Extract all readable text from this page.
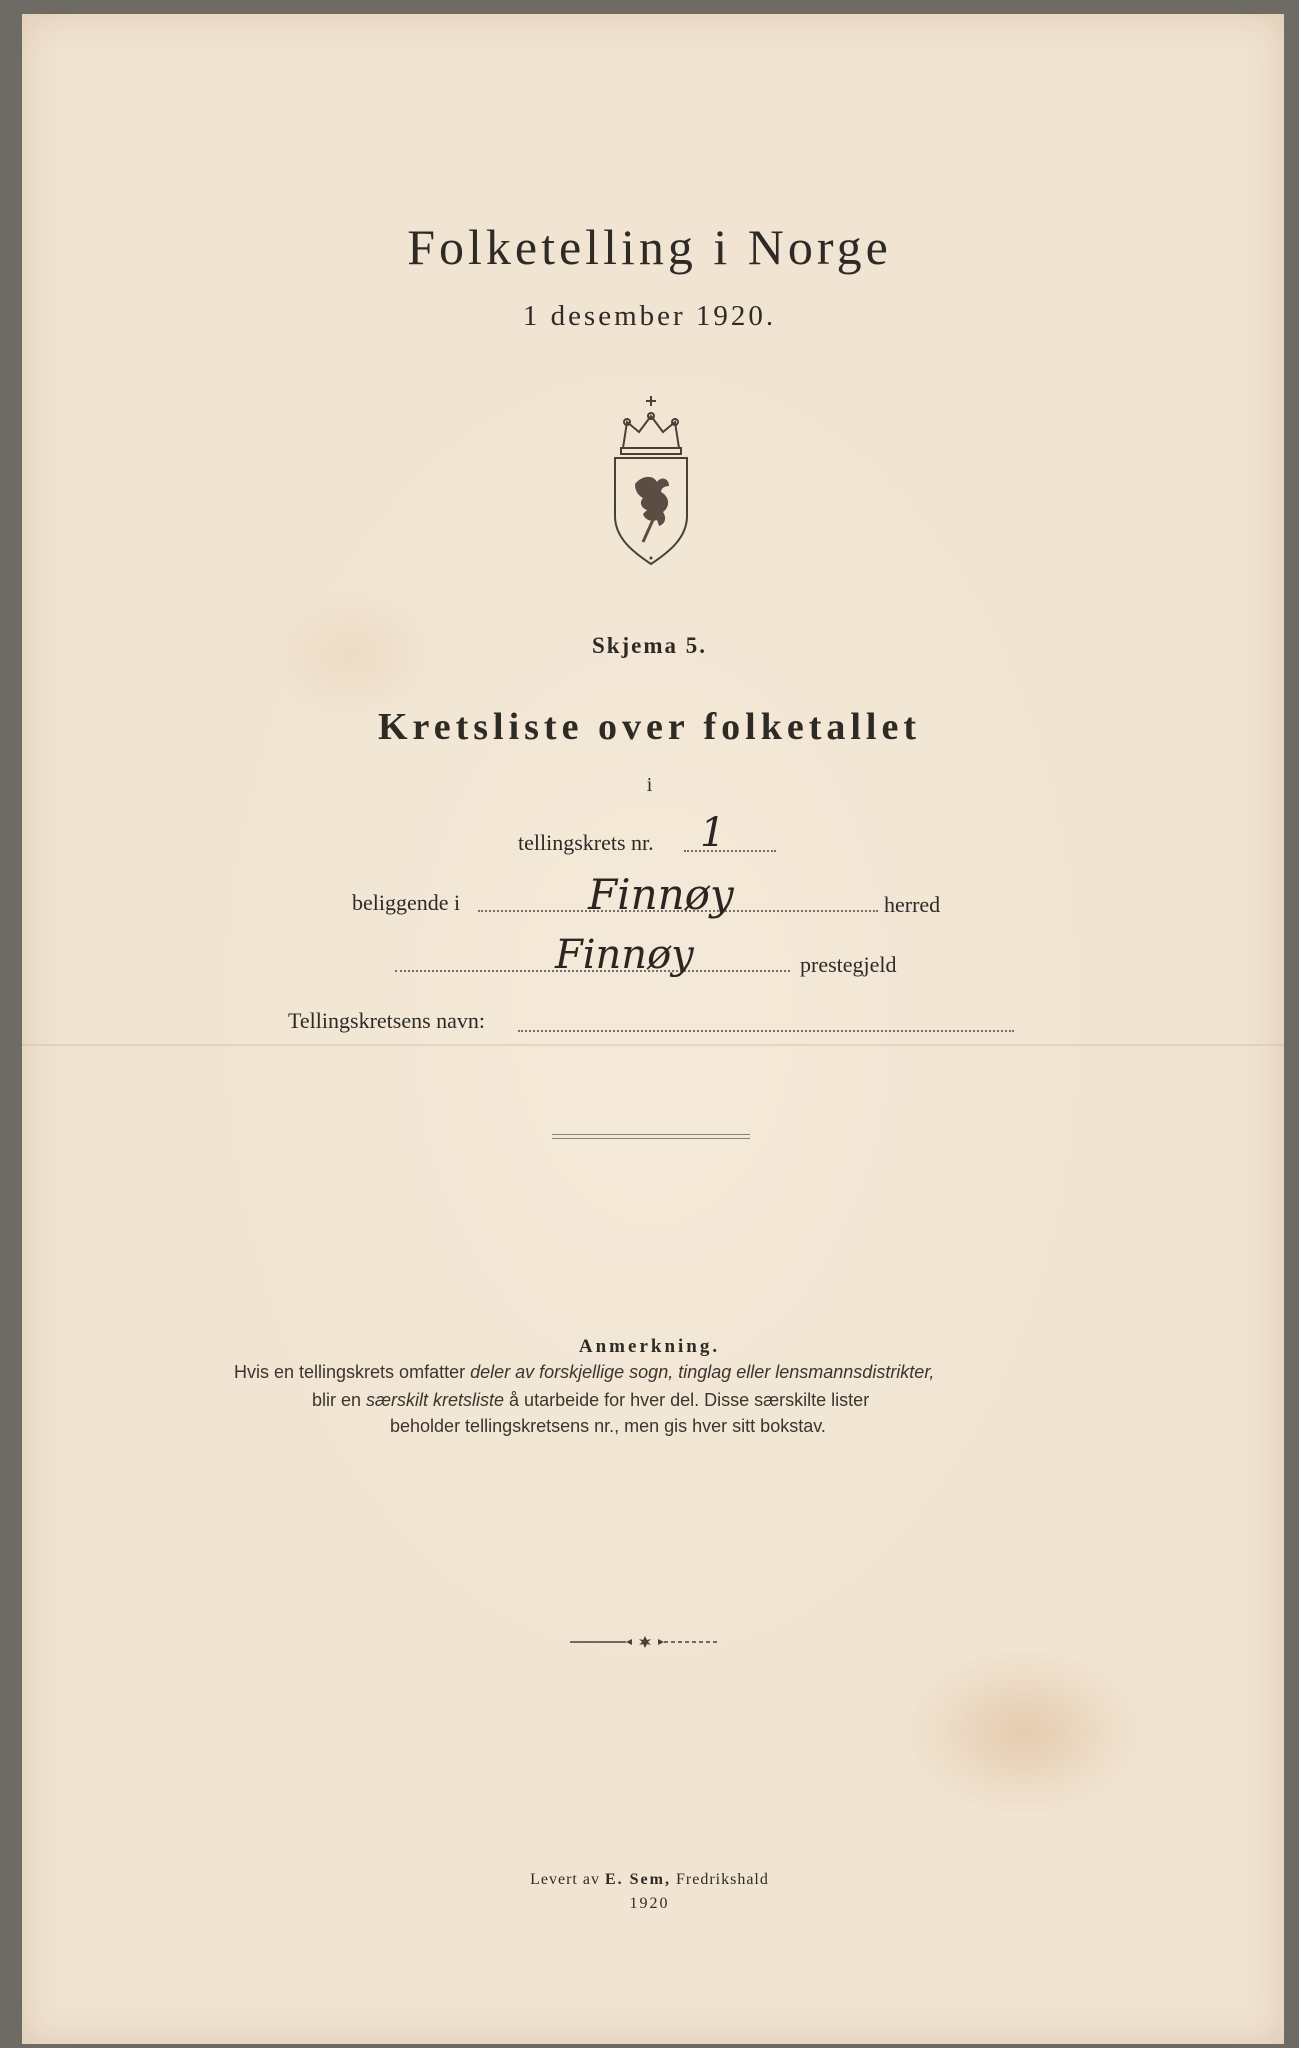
Folketelling i Norge
1 desember 1920.
Skjema 5.
Kretsliste over folketallet
i
tellingskrets nr. 1
beliggende i	Finnøy	herred
Finnøy	prestegjeld
Tellingskretsens navn:
Anmerkning.
Hvis en tellingskrets omfatter deler av forskjellige sogn, tinglag eller lensmannsdistrikter,
blir en særskilt kretsliste å utarbeide for hver del. Disse særskilte lister
beholder tellingskretsens nr., men gis hver sitt bokstav.
Levert av E. Sem, Fredrikshald
1920
